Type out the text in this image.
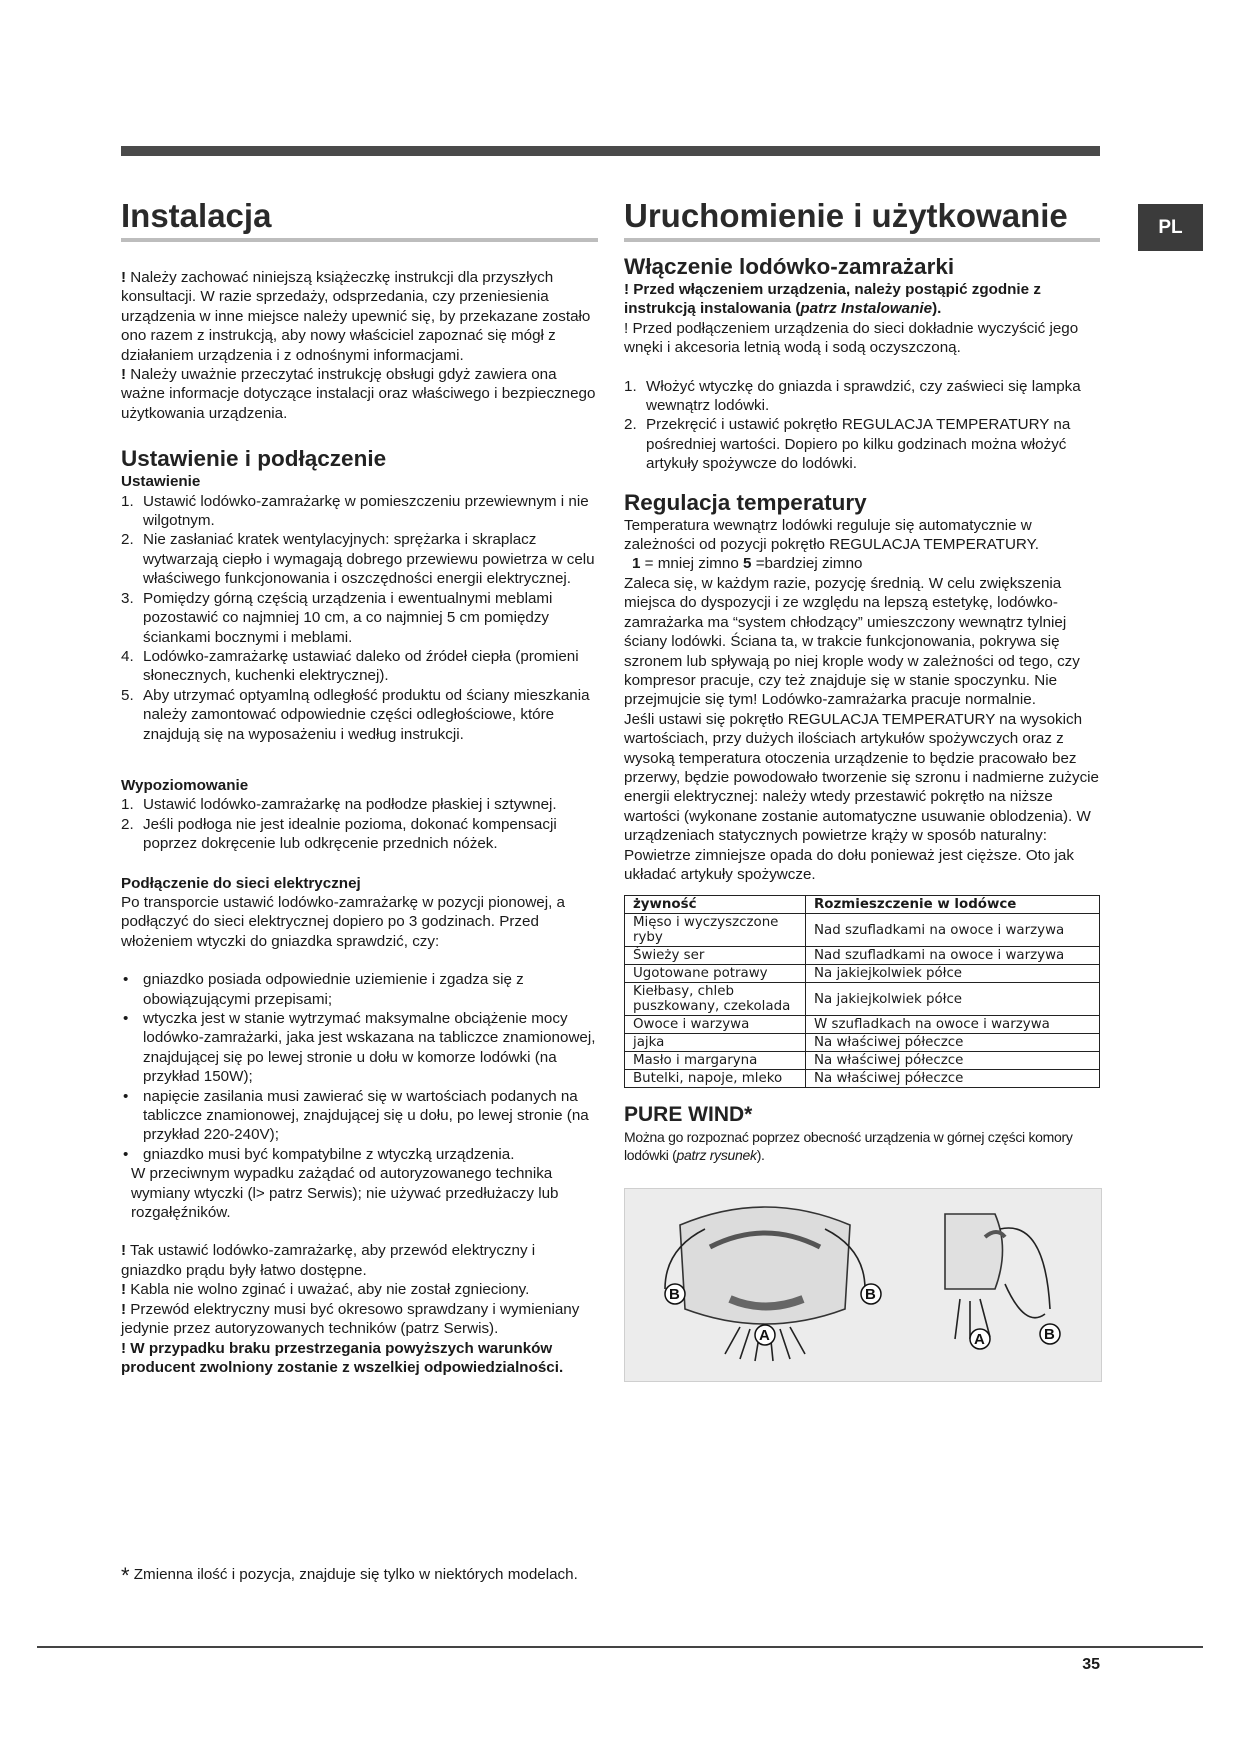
PL
Instalacja

! Należy zachować niniejszą książeczkę instrukcji dla przyszłych konsultacji. W razie sprzedaży, odsprzedania, czy przeniesienia urządzenia w inne miejsce należy upewnić się, by przekazane zostało ono razem z instrukcją, aby nowy właściciel zapoznać się mógł z działaniem urządzenia i z odnośnymi informacjami.

! Należy uważnie przeczytać instrukcję obsługi gdyż zawiera ona ważne informacje dotyczące instalacji oraz właściwego i bezpiecznego użytkowania urządzenia.

Ustawienie i podłączenie

Ustawienie

1. Ustawić lodówko-zamrażarkę w pomieszczeniu przewiewnym i nie wilgotnym.
2. Nie zasłaniać kratek wentylacyjnych: sprężarka i skraplacz wytwarzają ciepło i wymagają dobrego przewiewu powietrza w celu właściwego funkcjonowania i oszczędności energii elektrycznej.
3. Pomiędzy górną częścią urządzenia i ewentualnymi meblami pozostawić co najmniej 10 cm, a co najmniej 5 cm pomiędzy ściankami bocznymi i meblami.
4. Lodówko-zamrażarkę ustawiać daleko od źródeł ciepła (promieni słonecznych, kuchenki elektrycznej).
5. Aby utrzymać optyamlną odległość produktu od ściany mieszkania należy zamontować odpowiednie części odległościowe, które znajdują się na wyposażeniu i według instrukcji.

Wypoziomowanie

1. Ustawić lodówko-zamrażarkę na podłodze płaskiej i sztywnej.
2. Jeśli podłoga nie jest idealnie pozioma, dokonać kompensacji poprzez dokręcenie lub odkręcenie przednich nóżek.

Podłączenie do sieci elektrycznej

Po transporcie ustawić lodówko-zamrażarkę w pozycji pionowej, a podłączyć do sieci elektrycznej dopiero po 3 godzinach. Przed włożeniem wtyczki do gniazdka sprawdzić, czy:

• gniazdko posiada odpowiednie uziemienie i zgadza się z obowiązującymi przepisami;
• wtyczka jest w stanie wytrzymać maksymalne obciążenie mocy lodówko-zamrażarki, jaka jest wskazana na tabliczce znamionowej, znajdującej się po lewej stronie u dołu w komorze lodówki (na przykład 150W);
• napięcie zasilania musi zawierać się w wartościach podanych na tabliczce znamionowej, znajdującej się u dołu, po lewej stronie (na przykład 220-240V);
• gniazdko musi być kompatybilne z wtyczką urządzenia.
W przeciwnym wypadku zażądać od autoryzowanego technika wymiany wtyczki (l> patrz Serwis); nie używać przedłużaczy lub rozgałęźników.

! Tak ustawić lodówko-zamrażarkę, aby przewód elektryczny i gniazdko prądu były łatwo dostępne.

! Kabla nie wolno zginać i uważać, aby nie został zgnieciony.

! Przewód elektryczny musi być okresowo sprawdzany i wymieniany jedynie przez autoryzowanych techników (patrz Serwis).

! W przypadku braku przestrzegania powyższych warunków producent zwolniony zostanie z wszelkiej odpowiedzialności.

* Zmienna ilość i pozycja, znajduje się tylko w niektórych modelach.
Uruchomienie i użytkowanie
Włączenie lodówko-zamrażarki

! Przed włączeniem urządzenia, należy postąpić zgodnie z instrukcją instalowania (patrz Instalowanie).

! Przed podłączeniem urządzenia do sieci dokładnie wyczyścić jego wnęki i akcesoria letnią wodą i sodą oczyszczoną.

1. Włożyć wtyczkę do gniazda i sprawdzić, czy zaświeci się lampka wewnątrz lodówki.
2. Przekręcić i ustawić pokrętło REGULACJA TEMPERATURY na pośredniej wartości. Dopiero po kilku godzinach można włożyć artykuły spożywcze do lodówki.
Regulacja temperatury

Temperatura wewnątrz lodówki reguluje się automatycznie w zależności od pozycji pokrętło REGULACJA TEMPERATURY.

1 = mniej zimno 5 =bardziej zimno

Zaleca się, w każdym razie, pozycję średnią. W celu zwiększenia miejsca do dyspozycji i ze względu na lepszą estetykę, lodówko-zamrażarka ma “system chłodzący” umieszczony wewnątrz tylniej ściany lodówki. Ściana ta, w trakcie funkcjonowania, pokrywa się szronem lub spływają po niej krople wody w zależności od tego, czy kompresor pracuje, czy też znajduje się w stanie spoczynku. Nie przejmujcie się tym! Lodówko-zamrażarka pracuje normalnie.

Jeśli ustawi się pokrętło REGULACJA TEMPERATURY na wysokich wartościach, przy dużych ilościach artykułów spożywczych oraz z wysoką temperatura otoczenia urządzenie to będzie pracowało bez przerwy, będzie powodowało tworzenie się szronu i nadmierne zużycie energii elektrycznej: należy wtedy przestawić pokrętło na niższe wartości (wykonane zostanie automatyczne usuwanie oblodzenia). W urządzeniach statycznych powietrze krąży w sposób naturalny: Powietrze zimniejsze opada do dołu ponieważ jest cięższe. Oto jak układać artykuły spożywcze.

żywność	Rozmieszczenie w lodówce
Mięso i wyczyszczone ryby	Nad szufladkami na owoce i warzywa
Świeży ser	Nad szufladkami na owoce i warzywa
Ugotowane potrawy	Na jakiejkolwiek półce
Kiełbasy, chleb puszkowany, czekolada	Na jakiejkolwiek półce
Owoce i warzywa	W szufladkach na owoce i warzywa
jajka	Na właściwej półeczce
Masło i margaryna	Na właściwej półeczce
Butelki, napoje, mleko	Na właściwej półeczce
PURE WIND*

Można go rozpoznać poprzez obecność urządzenia w górnej części komory lodówki (patrz rysunek).

B	B
A	A	B
35
